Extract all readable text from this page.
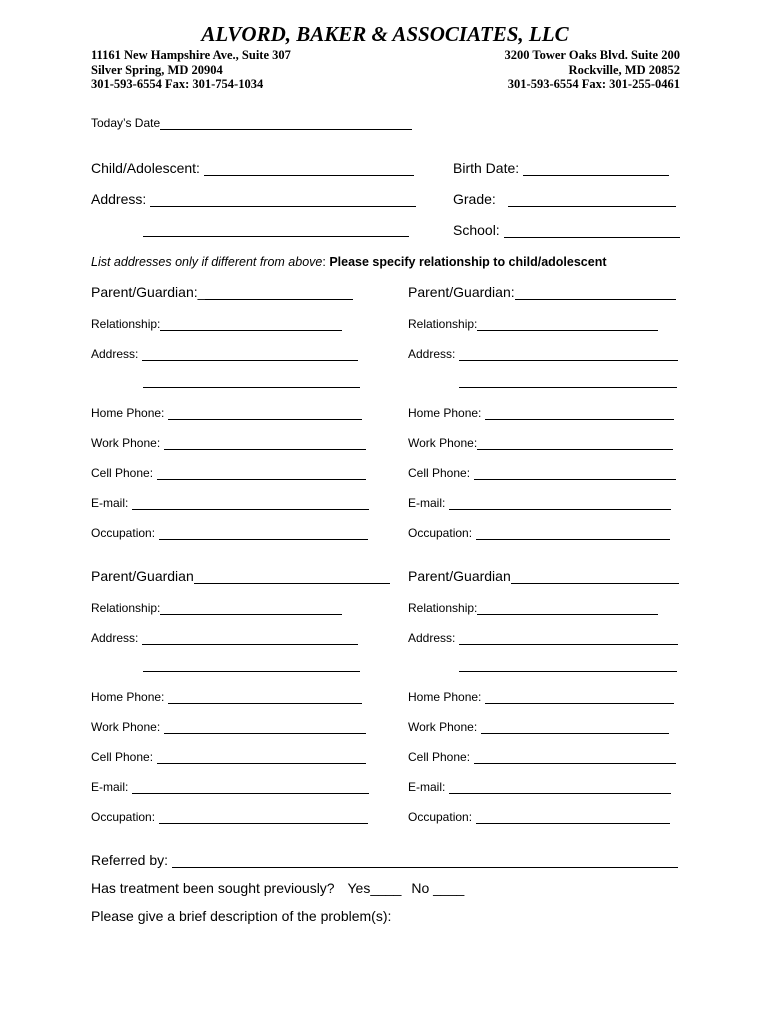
ALVORD, BAKER & ASSOCIATES, LLC
11161 New Hampshire Ave., Suite 307
Silver Spring, MD 20904
301-593-6554 Fax: 301-754-1034
3200 Tower Oaks Blvd. Suite 200
Rockville, MD 20852
301-593-6554 Fax: 301-255-0461
Today’s Date
Child/Adolescent:	Birth Date:
Address:	Grade:
School:
List addresses only if different from above: Please specify relationship to child/adolescent
Parent/Guardian:_	Parent/Guardian:
Relationship:	Relationship:
Address:	Address:
Home Phone:	Home Phone:
Work Phone:	Work Phone:
Cell Phone:	Cell Phone:
E-mail:	E-mail:
Occupation:	Occupation:
Parent/Guardian	Parent/Guardian
Relationship:	Relationship:
Address:	Address:
Home Phone:	Home Phone:
Work Phone:	Work Phone:
Cell Phone:	Cell Phone:
E-mail:	E-mail:
Occupation:	Occupation:
Referred by:
Has treatment been sought previously? Yes____ No ____
Please give a brief description of the problem(s):
